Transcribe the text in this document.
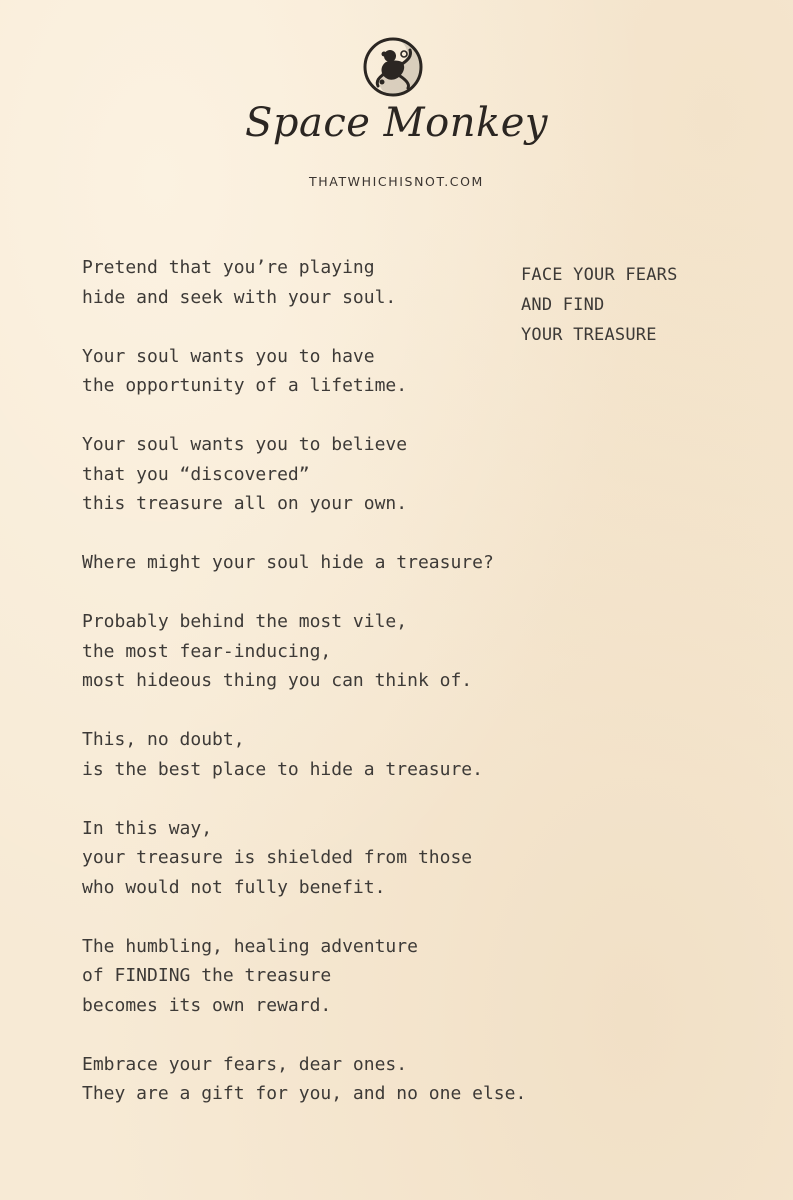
Space Monkey
THATWHICHISNOT.COM
FACE YOUR FEARS
AND FIND
YOUR TREASURE
Pretend that you’re playing
hide and seek with your soul.
Your soul wants you to have
the opportunity of a lifetime.
Your soul wants you to believe
that you “discovered”
this treasure all on your own.
Where might your soul hide a treasure?
Probably behind the most vile,
the most fear-inducing,
most hideous thing you can think of.
This, no doubt,
is the best place to hide a treasure.
In this way,
your treasure is shielded from those
who would not fully benefit.
The humbling, healing adventure
of FINDING the treasure
becomes its own reward.
Embrace your fears, dear ones.
They are a gift for you, and no one else.
